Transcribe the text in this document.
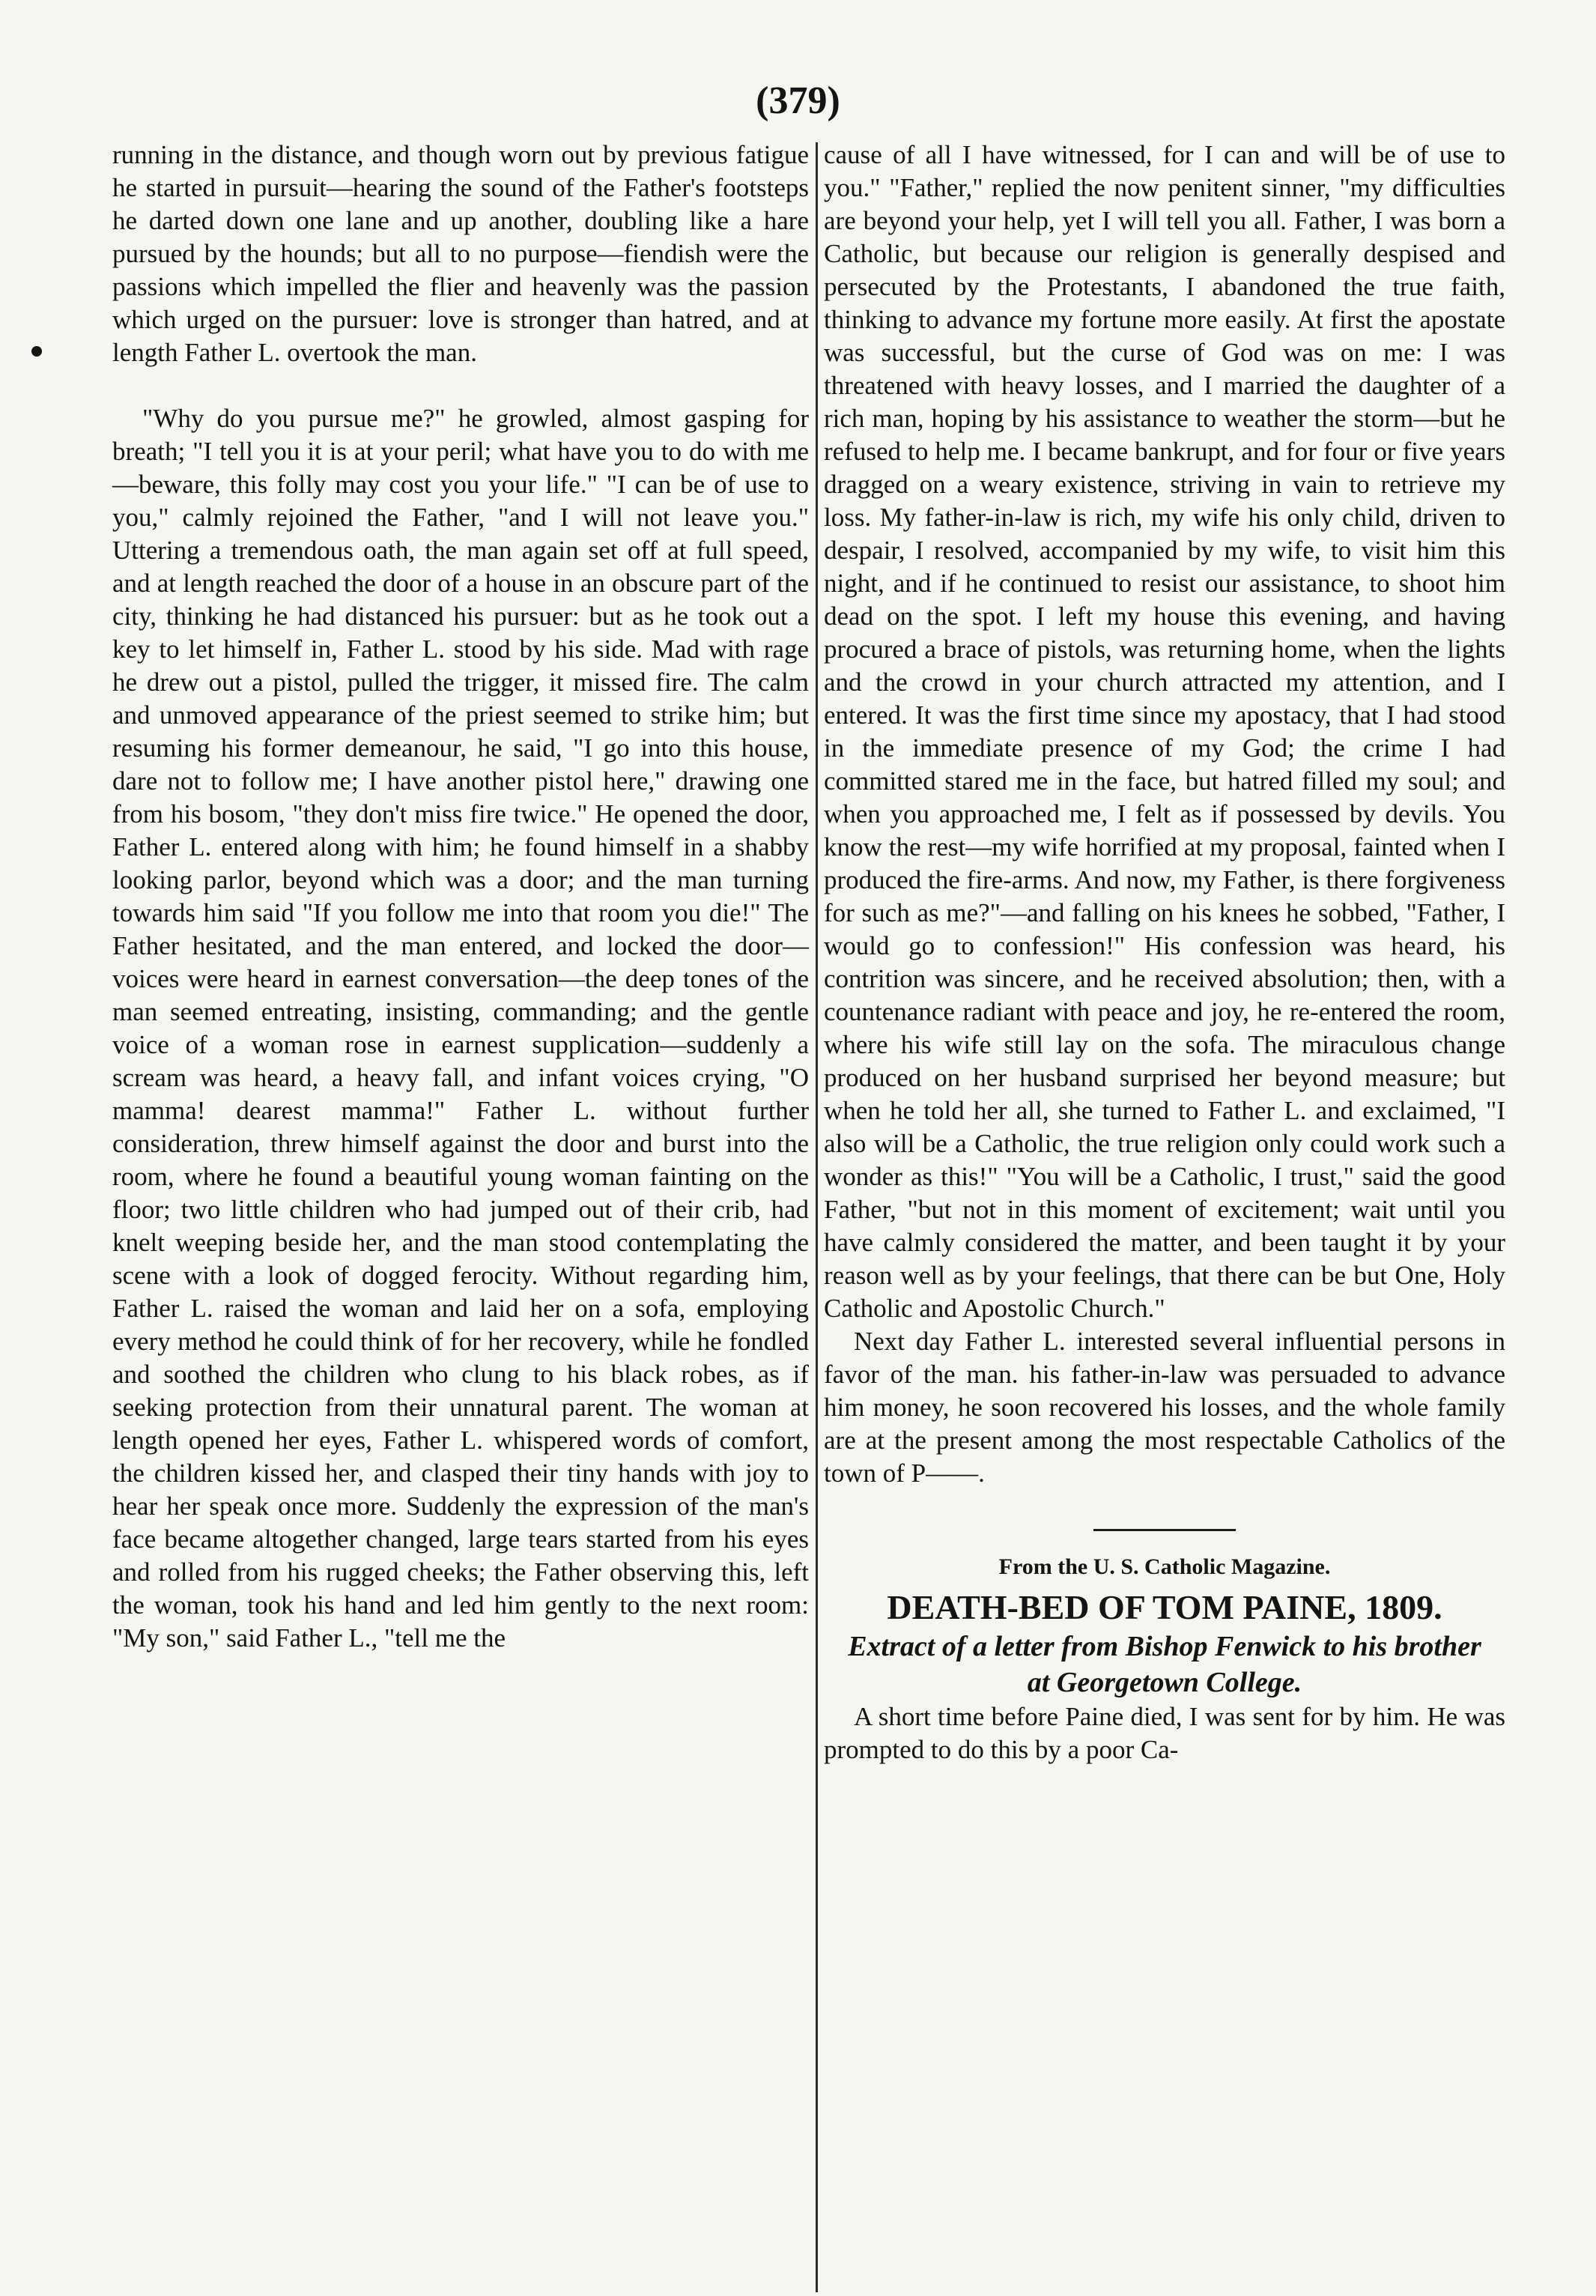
(379)

running in the distance, and though worn out by previous fatigue he started in pursuit—hearing the sound of the Father's footsteps he darted down one lane and up another, doubling like a hare pursued by the hounds; but all to no purpose—fiendish were the passions which impelled the flier and heavenly was the passion which urged on the pursuer: love is stronger than hatred, and at length Father L. overtook the man.

"Why do you pursue me?" he growled, almost gasping for breath; "I tell you it is at your peril; what have you to do with me—beware, this folly may cost you your life." "I can be of use to you," calmly rejoined the Father, "and I will not leave you." Uttering a tremendous oath, the man again set off at full speed, and at length reached the door of a house in an obscure part of the city, thinking he had distanced his pursuer: but as he took out a key to let himself in, Father L. stood by his side. Mad with rage he drew out a pistol, pulled the trigger, it missed fire. The calm and unmoved appearance of the priest seemed to strike him; but resuming his former demeanour, he said, "I go into this house, dare not to follow me; I have another pistol here," drawing one from his bosom, "they don't miss fire twice." He opened the door, Father L. entered along with him; he found himself in a shabby looking parlor, beyond which was a door; and the man turning towards him said "If you follow me into that room you die!" The Father hesitated, and the man entered, and locked the door—voices were heard in earnest conversation—the deep tones of the man seemed entreating, insisting, commanding; and the gentle voice of a woman rose in earnest supplication—suddenly a scream was heard, a heavy fall, and infant voices crying, "O mamma! dearest mamma!" Father L. without further consideration, threw himself against the door and burst into the room, where he found a beautiful young woman fainting on the floor; two little children who had jumped out of their crib, had knelt weeping beside her, and the man stood contemplating the scene with a look of dogged ferocity. Without regarding him, Father L. raised the woman and laid her on a sofa, employing every method he could think of for her recovery, while he fondled and soothed the children who clung to his black robes, as if seeking protection from their unnatural parent. The woman at length opened her eyes, Father L. whispered words of comfort, the children kissed her, and clasped their tiny hands with joy to hear her speak once more. Suddenly the expression of the man's face became altogether changed, large tears started from his eyes and rolled from his rugged cheeks; the Father observing this, left the woman, took his hand and led him gently to the next room: "My son," said Father L., "tell me the

cause of all I have witnessed, for I can and will be of use to you." "Father," replied the now penitent sinner, "my difficulties are beyond your help, yet I will tell you all. Father, I was born a Catholic, but because our religion is generally despised and persecuted by the Protestants, I abandoned the true faith, thinking to advance my fortune more easily. At first the apostate was successful, but the curse of God was on me: I was threatened with heavy losses, and I married the daughter of a rich man, hoping by his assistance to weather the storm—but he refused to help me. I became bankrupt, and for four or five years dragged on a weary existence, striving in vain to retrieve my loss. My father-in-law is rich, my wife his only child, driven to despair, I resolved, accompanied by my wife, to visit him this night, and if he continued to resist our assistance, to shoot him dead on the spot. I left my house this evening, and having procured a brace of pistols, was returning home, when the lights and the crowd in your church attracted my attention, and I entered. It was the first time since my apostacy, that I had stood in the immediate presence of my God; the crime I had committed stared me in the face, but hatred filled my soul; and when you approached me, I felt as if possessed by devils. You know the rest—my wife horrified at my proposal, fainted when I produced the fire-arms. And now, my Father, is there forgiveness for such as me?"—and falling on his knees he sobbed, "Father, I would go to confession!" His confession was heard, his contrition was sincere, and he received absolution; then, with a countenance radiant with peace and joy, he re-entered the room, where his wife still lay on the sofa. The miraculous change produced on her husband surprised her beyond measure; but when he told her all, she turned to Father L. and exclaimed, "I also will be a Catholic, the true religion only could work such a wonder as this!" "You will be a Catholic, I trust," said the good Father, "but not in this moment of excitement; wait until you have calmly considered the matter, and been taught it by your reason well as by your feelings, that there can be but One, Holy Catholic and Apostolic Church."

Next day Father L. interested several influential persons in favor of the man. his father-in-law was persuaded to advance him money, he soon recovered his losses, and the whole family are at the present among the most respectable Catholics of the town of P——.

From the U. S. Catholic Magazine.

DEATH-BED OF TOM PAINE, 1809.

Extract of a letter from Bishop Fenwick to his brother at Georgetown College.

A short time before Paine died, I was sent for by him. He was prompted to do this by a poor Ca-
